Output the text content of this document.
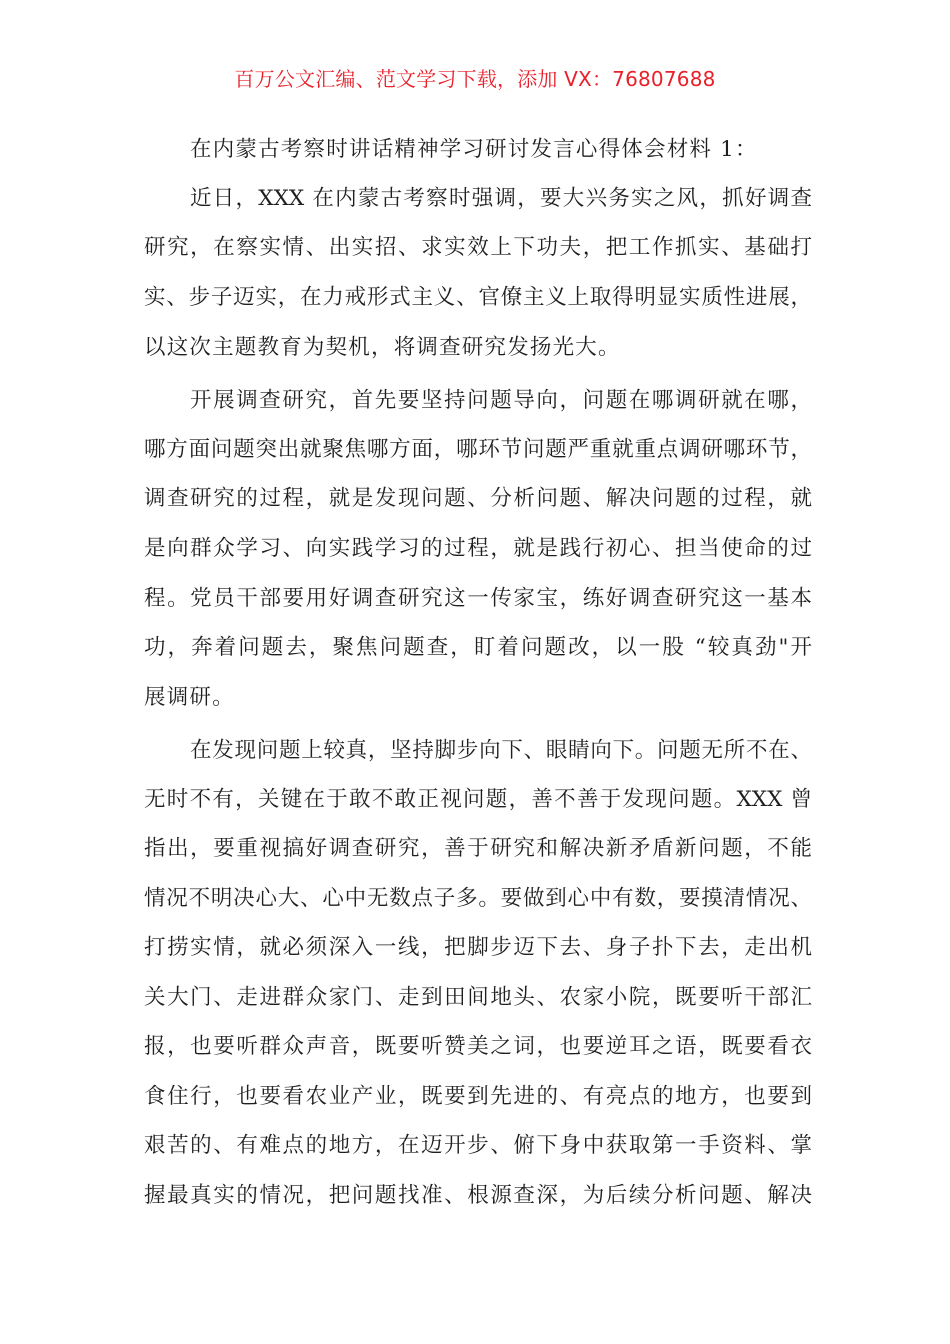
百万公文汇编、范文学习下载，添加 VX：76807688
在内蒙古考察时讲话精神学习研讨发言心得体会材料 1：
近日，XXX 在内蒙古考察时强调，要大兴务实之风，抓好调查
研究，在察实情、出实招、求实效上下功夫，把工作抓实、基础打
实、步子迈实，在力戒形式主义、官僚主义上取得明显实质性进展，
以这次主题教育为契机，将调查研究发扬光大。
开展调查研究，首先要坚持问题导向，问题在哪调研就在哪，
哪方面问题突出就聚焦哪方面，哪环节问题严重就重点调研哪环节，
调查研究的过程，就是发现问题、分析问题、解决问题的过程，就
是向群众学习、向实践学习的过程，就是践行初心、担当使命的过
程。党员干部要用好调查研究这一传家宝，练好调查研究这一基本
功，奔着问题去，聚焦问题查，盯着问题改，以一股 “较真劲"开
展调研。
在发现问题上较真，坚持脚步向下、眼睛向下。问题无所不在、
无时不有，关键在于敢不敢正视问题，善不善于发现问题。XXX 曾
指出，要重视搞好调查研究，善于研究和解决新矛盾新问题，不能
情况不明决心大、心中无数点子多。要做到心中有数，要摸清情况、
打捞实情，就必须深入一线，把脚步迈下去、身子扑下去，走出机
关大门、走进群众家门、走到田间地头、农家小院，既要听干部汇
报，也要听群众声音，既要听赞美之词，也要逆耳之语，既要看衣
食住行，也要看农业产业，既要到先进的、有亮点的地方，也要到
艰苦的、有难点的地方，在迈开步、俯下身中获取第一手资料、掌
握最真实的情况，把问题找准、根源查深，为后续分析问题、解决
